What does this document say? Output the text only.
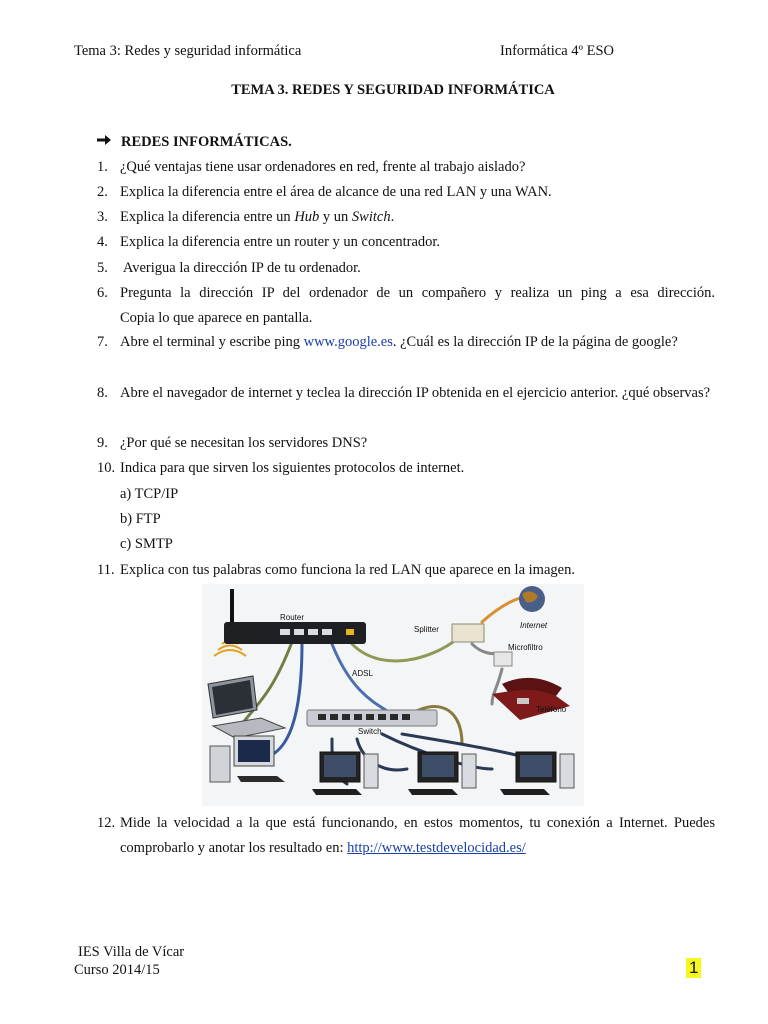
Tema 3: Redes y seguridad informática	Informática 4º ESO
TEMA 3. REDES Y SEGURIDAD INFORMÁTICA
REDES INFORMÁTICAS.
1. ¿Qué ventajas tiene usar ordenadores en red, frente al trabajo aislado?
2. Explica la diferencia entre el área de alcance de una red LAN y una WAN.
3. Explica la diferencia entre un Hub y un Switch.
4. Explica la diferencia entre un router y un concentrador.
5. Averigua la dirección IP de tu ordenador.
6. Pregunta la dirección IP del ordenador de un compañero y realiza un ping a esa dirección.
Copia lo que aparece en pantalla.
7. Abre el terminal y escribe ping www.google.es. ¿Cuál es la dirección IP de la página de google?
8. Abre el navegador de internet y teclea la dirección IP obtenida en el ejercicio anterior. ¿qué observas?
9. ¿Por qué se necesitan los servidores DNS?
10. Indica para que sirven los siguientes protocolos de internet.
a) TCP/IP
b) FTP
c) SMTP
11. Explica con tus palabras como funciona la red LAN que aparece en la imagen.
Router
Splitter	Internet
Microfiltro
ADSL
Teléfono
Switch
12. Mide la velocidad a la que está funcionando, en estos momentos, tu conexión a Internet. Puedes
comprobarlo y anotar los resultado en: http://www.testdevelocidad.es/
IES Villa de Vícar
Curso 2014/15	1
